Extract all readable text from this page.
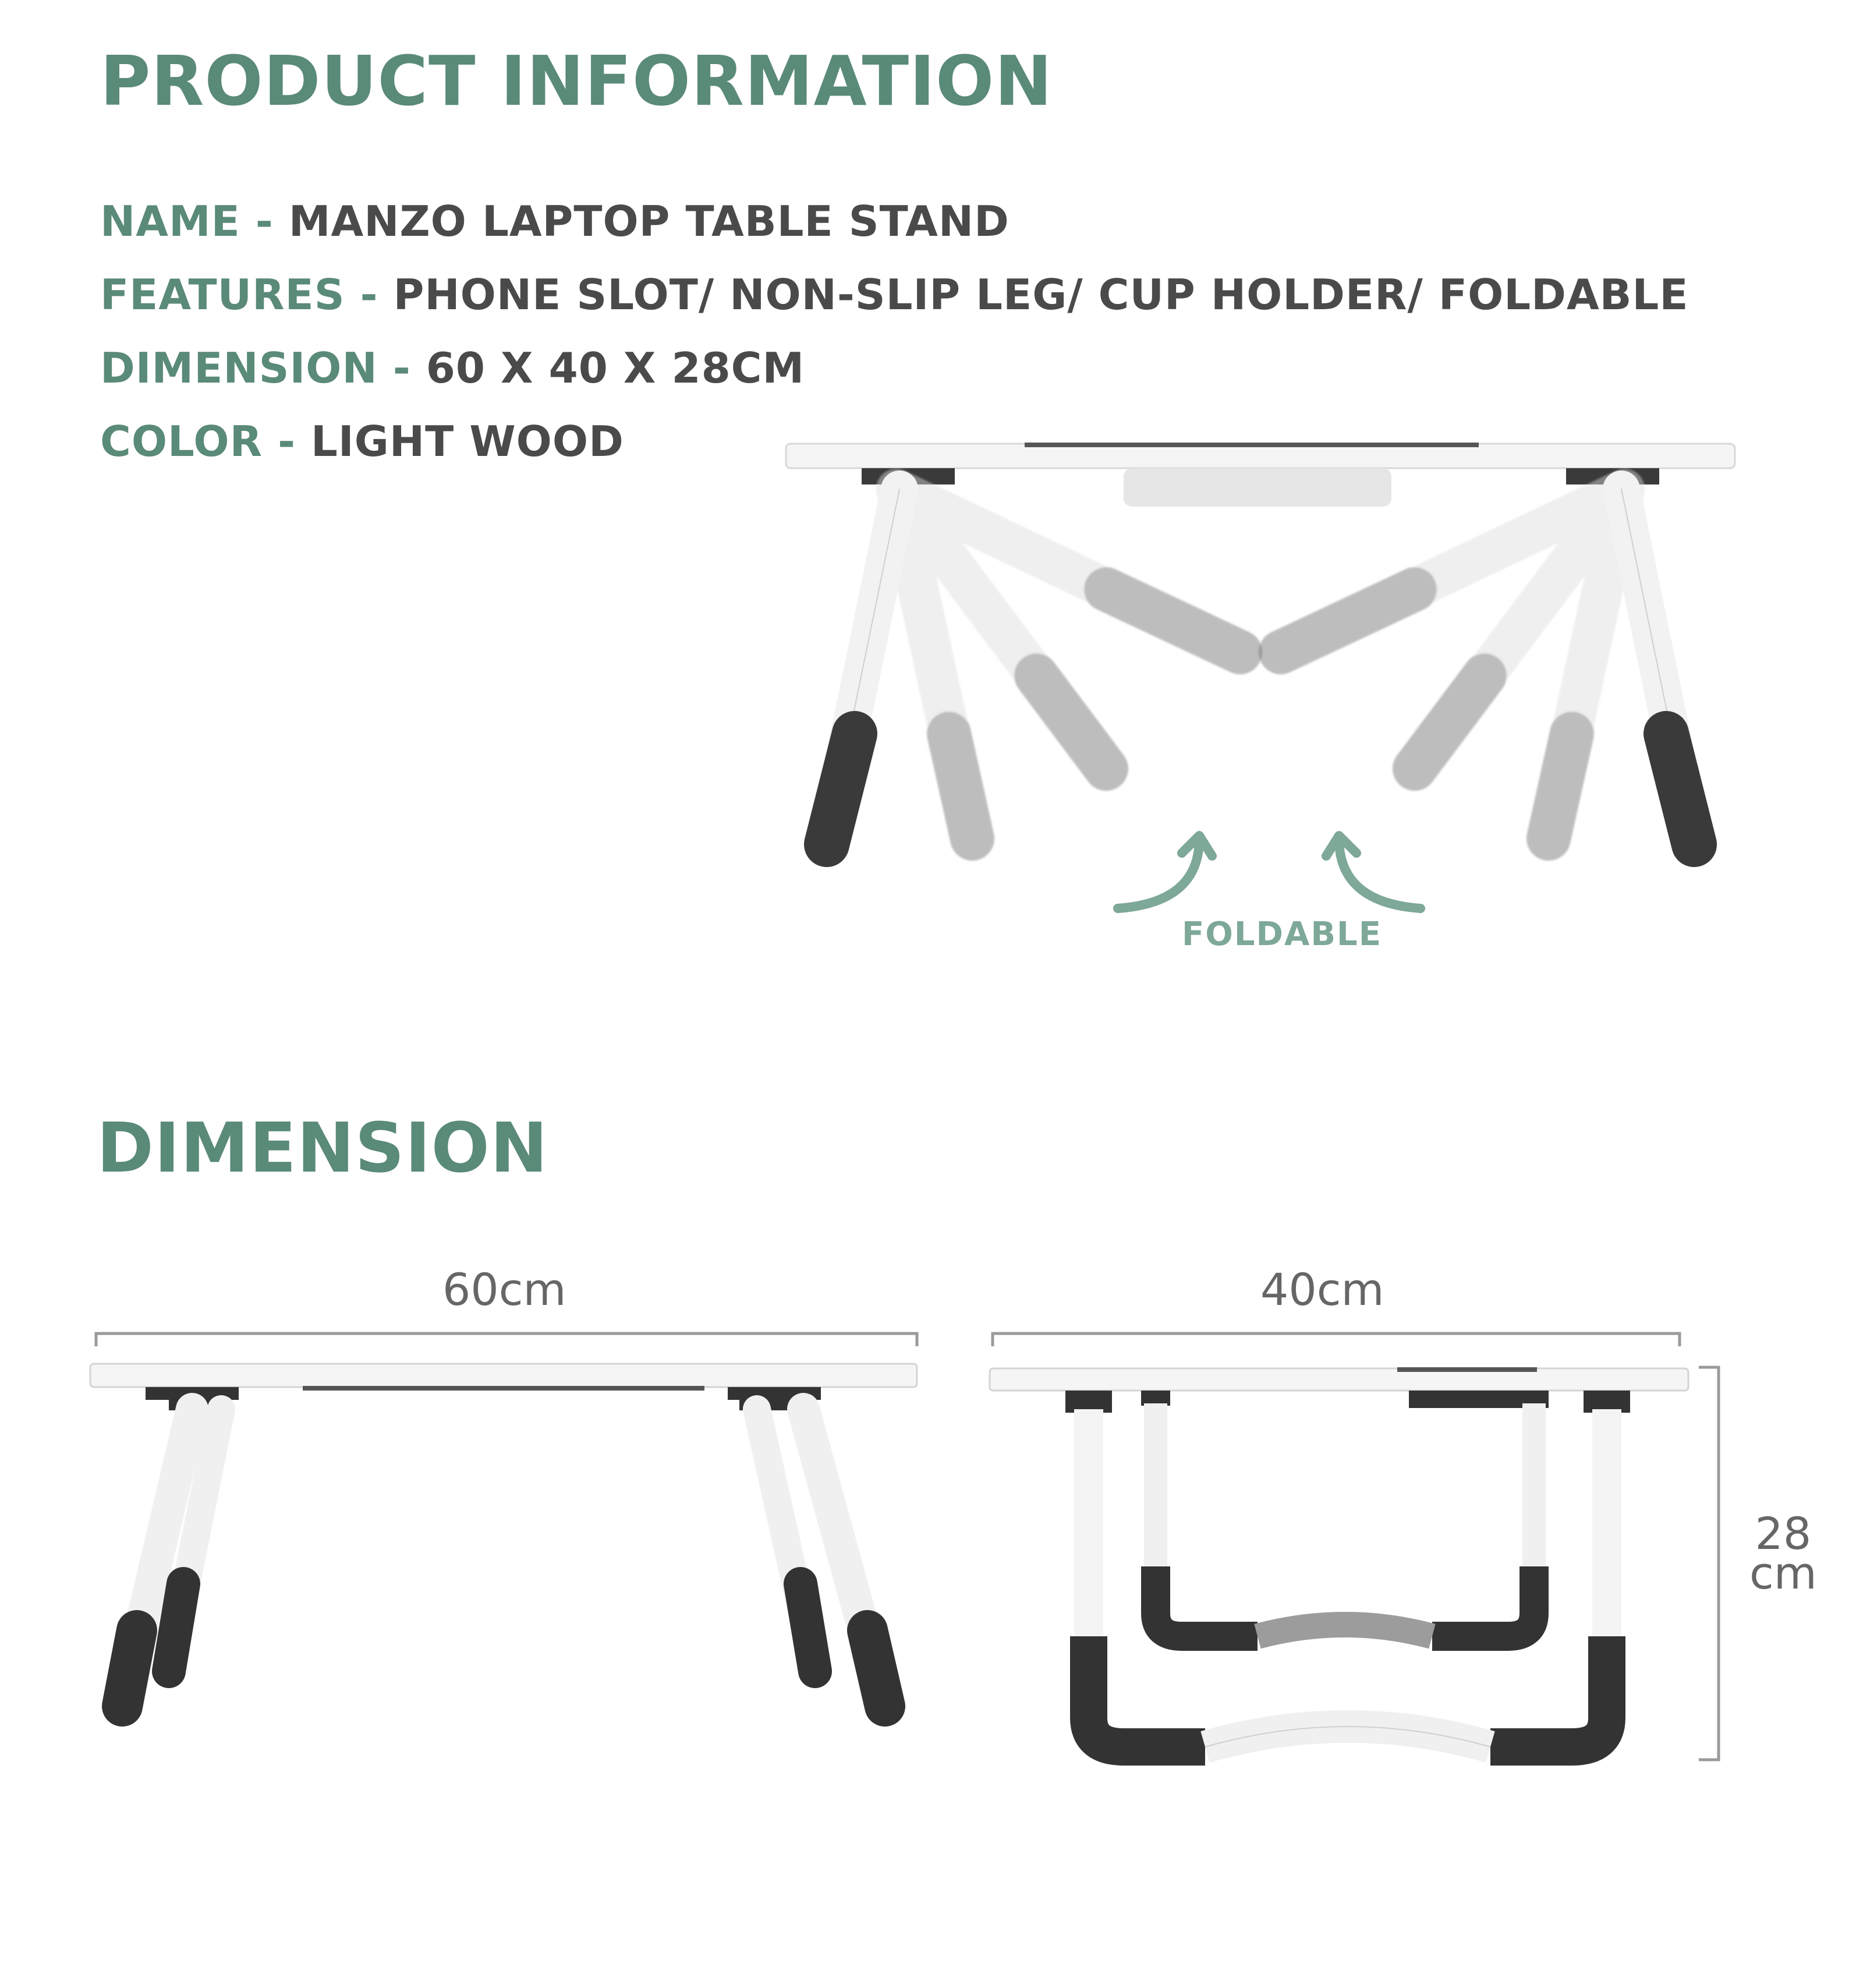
PRODUCT INFORMATION
NAME - MANZO LAPTOP TABLE STAND
FEATURES - PHONE SLOT/ NON-SLIP LEG/ CUP HOLDER/ FOLDABLE
DIMENSION - 60 X 40 X 28CM
COLOR - LIGHT WOOD
FOLDABLE
DIMENSION
60cm	40cm
28
cm
